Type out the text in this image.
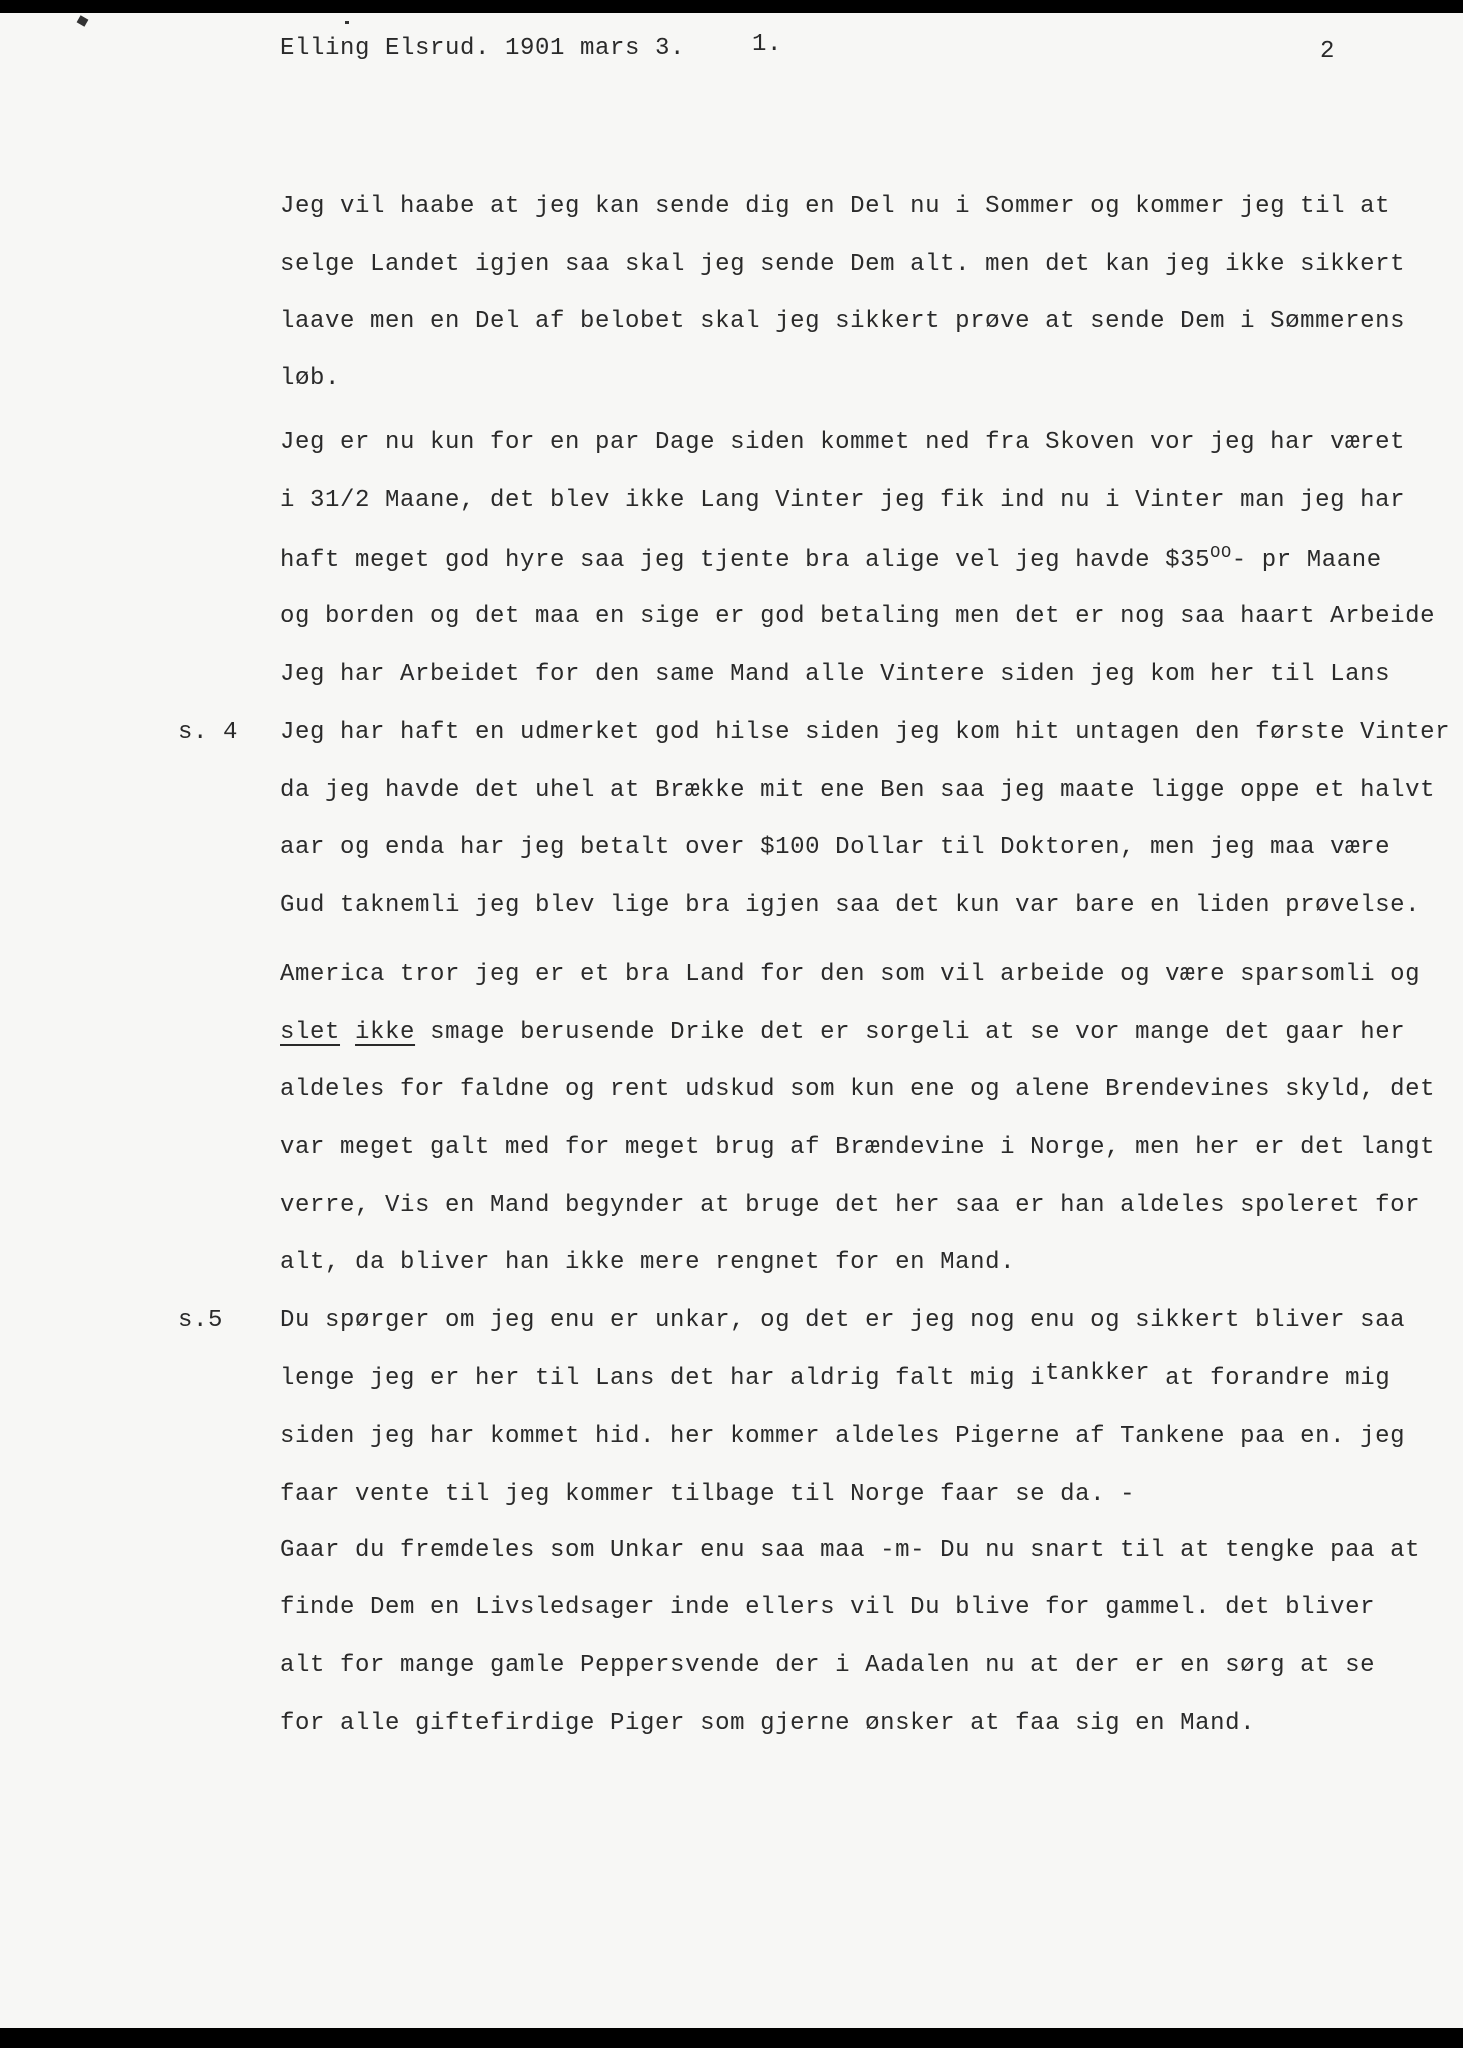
Elling Elsrud. 1901 mars 3.	1.	2
Jeg vil haabe at jeg kan sende dig en Del nu i Sommer og kommer jeg til at
selge Landet igjen saa skal jeg sende Dem alt. men det kan jeg ikke sikkert
laave men en Del af belobet skal jeg sikkert prøve at sende Dem i Sømmerens
løb.
Jeg er nu kun for en par Dage siden kommet ned fra Skoven vor jeg har været
i 31/2 Maane, det blev ikke Lang Vinter jeg fik ind nu i Vinter man jeg har
haft meget god hyre saa jeg tjente bra alige vel jeg havde $\$35^{OO}-$ pr Maane
og borden og det maa en sige er god betaling men det er nog saa haart Arbeide
Jeg har Arbeidet for den same Mand alle Vintere siden jeg kom her til Lans
s. 4 Jeg har haft en udmerket god hilse siden jeg kom hit untagen den første Vinter
da jeg havde det uhel at Brække mit ene Ben saa jeg maate ligge oppe et halvt
aar og enda har jeg betalt over $100 Dollar til Doktoren, men jeg maa være
Gud taknemli jeg blev lige bra igjen saa det kun var bare en liden prøvelse.
America tror jeg er et bra Land for den som vil arbeide og være sparsomli og
slet ikke smage berusende Drike det er sorgeli at se vor mange det gaar her
aldeles for faldne og rent udskud som kun ene og alene Brendevines skyld, det
var meget galt med for meget brug af Brændevine i Norge, men her er det langt
verre, Vis en Mand begynder at bruge det her saa er han aldeles spoleret for
alt, da bliver han ikke mere rengnet for en Mand.
s.5 Du spørger om jeg enu er unkar, og det er jeg nog enu og sikkert bliver saa
lenge jeg er her til Lans det har aldrig falt mig itankker at forandre mig
siden jeg har kommet hid. her kommer aldeles Pigerne af Tankene paa en. jeg
faar vente til jeg kommer tilbage til Norge faar se da. -
Gaar du fremdeles som Unkar enu saa maa -m- Du nu snart til at tengke paa at
finde Dem en Livsledsager inde ellers vil Du blive for gammel. det bliver
alt for mange gamle Peppersvende der i Aadalen nu at der er en sørg at se
for alle giftefirdige Piger som gjerne ønsker at faa sig en Mand.
